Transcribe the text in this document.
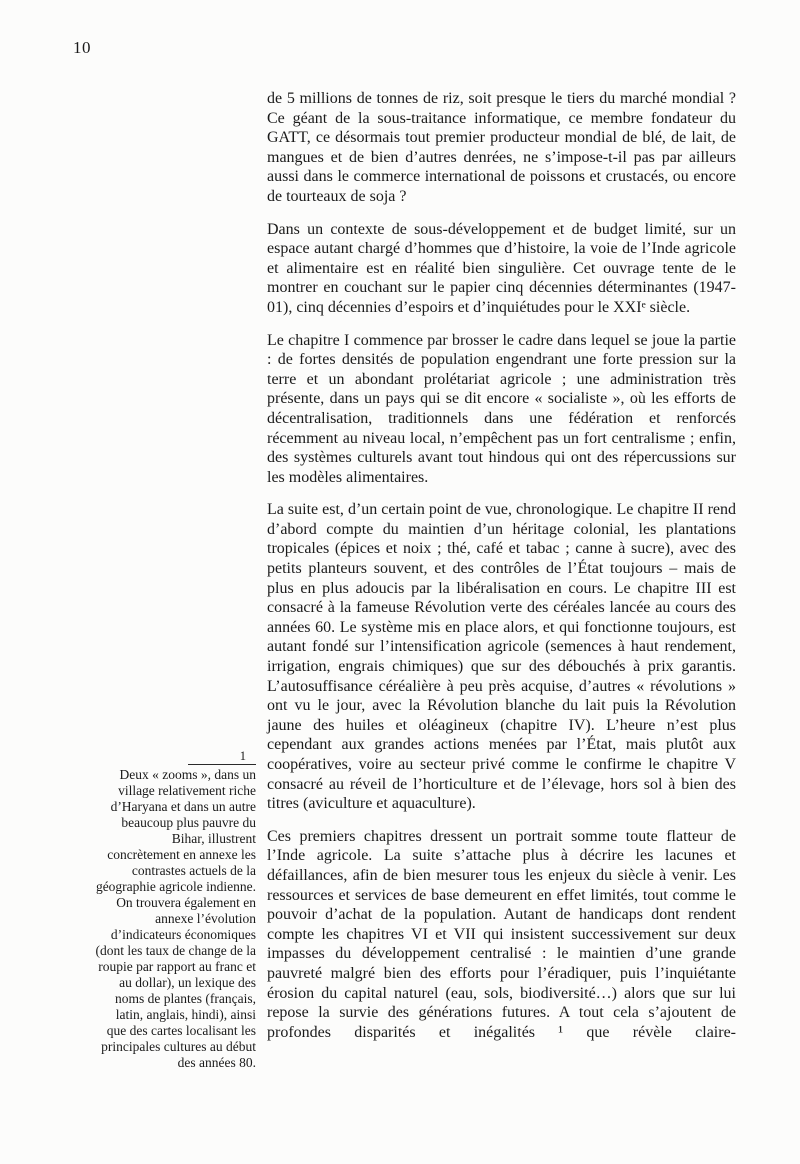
10
de 5 millions de tonnes de riz, soit presque le tiers du marché mondial ? Ce géant de la sous-traitance informatique, ce membre fondateur du GATT, ce désormais tout premier producteur mondial de blé, de lait, de mangues et de bien d’autres denrées, ne s’impose-t-il pas par ailleurs aussi dans le commerce international de poissons et crustacés, ou encore de tourteaux de soja ?
Dans un contexte de sous-développement et de budget limité, sur un espace autant chargé d’hommes que d’histoire, la voie de l’Inde agricole et alimentaire est en réalité bien singulière. Cet ouvrage tente de le montrer en couchant sur le papier cinq décennies déterminantes (1947-01), cinq décennies d’espoirs et d’inquiétudes pour le XXIᵉ siècle.
Le chapitre I commence par brosser le cadre dans lequel se joue la partie : de fortes densités de population engendrant une forte pression sur la terre et un abondant prolétariat agricole ; une administration très présente, dans un pays qui se dit encore « socialiste », où les efforts de décentralisation, traditionnels dans une fédération et renforcés récemment au niveau local, n’empêchent pas un fort centralisme ; enfin, des systèmes culturels avant tout hindous qui ont des répercussions sur les modèles alimentaires.
La suite est, d’un certain point de vue, chronologique. Le chapitre II rend d’abord compte du maintien d’un héritage colonial, les plantations tropicales (épices et noix ; thé, café et tabac ; canne à sucre), avec des petits planteurs souvent, et des contrôles de l’État toujours – mais de plus en plus adoucis par la libéralisation en cours. Le chapitre III est consacré à la fameuse Révolution verte des céréales lancée au cours des années 60. Le système mis en place alors, et qui fonctionne toujours, est autant fondé sur l’intensification agricole (semences à haut rendement, irrigation, engrais chimiques) que sur des débouchés à prix garantis. L’autosuffisance céréalière à peu près acquise, d’autres « révolutions » ont vu le jour, avec la Révolution blanche du lait puis la Révolution jaune des huiles et oléagineux (chapitre IV). L’heure n’est plus cependant aux grandes actions menées par l’État, mais plutôt aux coopératives, voire au secteur privé comme le confirme le chapitre V consacré au réveil de l’horticulture et de l’élevage, hors sol à bien des titres (aviculture et aquaculture).
Ces premiers chapitres dressent un portrait somme toute flatteur de l’Inde agricole. La suite s’attache plus à décrire les lacunes et défaillances, afin de bien mesurer tous les enjeux du siècle à venir. Les ressources et services de base demeurent en effet limités, tout comme le pouvoir d’achat de la population. Autant de handicaps dont rendent compte les chapitres VI et VII qui insistent successivement sur deux impasses du développement centralisé : le maintien d’une grande pauvreté malgré bien des efforts pour l’éradiquer, puis l’inquiétante érosion du capital naturel (eau, sols, biodiversité…) alors que sur lui repose la survie des générations futures. A tout cela s’ajoutent de profondes disparités et inégalités ¹ que révèle claire-
1
Deux « zooms », dans un
village relativement riche
d’Haryana et dans un autre
beaucoup plus pauvre du
Bihar, illustrent
concrètement en annexe les
contrastes actuels de la
géographie agricole indienne.
On trouvera également en
annexe l’évolution
d’indicateurs économiques
(dont les taux de change de la
roupie par rapport au franc et
au dollar), un lexique des
noms de plantes (français,
latin, anglais, hindi), ainsi
que des cartes localisant les
principales cultures au début
des années 80.
